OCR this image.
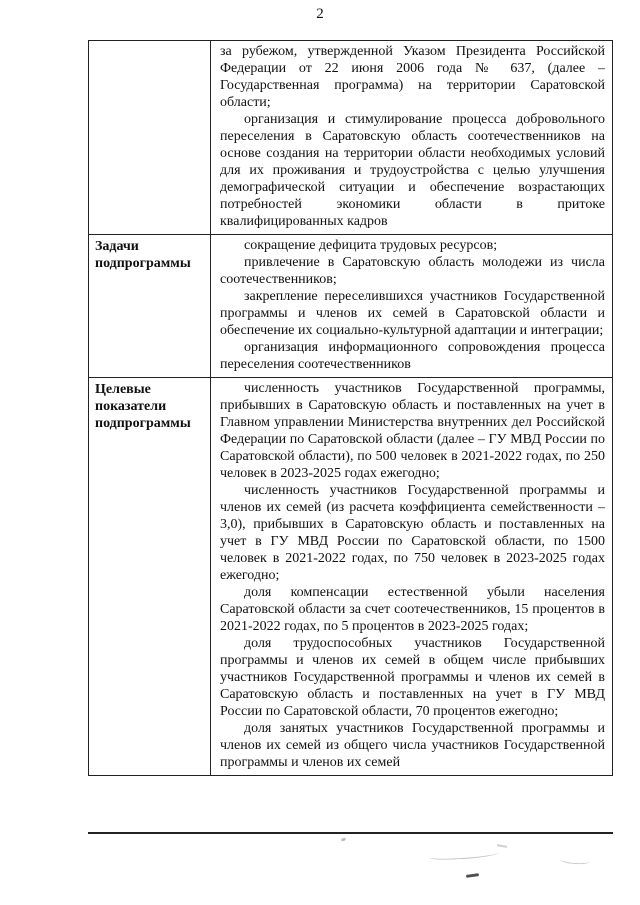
2

	за рубежом, утвержденной Указом Президента Российской Федерации от 22 июня 2006 года № 637, (далее – Государственная программа) на территории Саратовской области;

организация и стимулирование процесса добровольного переселения в Саратовскую область соотечественников на основе создания на территории области необходимых условий для их проживания и трудоустройства с целью улучшения демографической ситуации и обеспечение возрастающих потребностей экономики области в притоке квалифицированных кадров

Задачи подпрограммы	сокращение дефицита трудовых ресурсов;

привлечение в Саратовскую область молодежи из числа соотечественников;

закрепление переселившихся участников Государственной программы и членов их семей в Саратовской области и обеспечение их социально-культурной адаптации и интеграции;

организация информационного сопровождения процесса переселения соотечественников

Целевые показатели подпрограммы	численность участников Государственной программы, прибывших в Саратовскую область и поставленных на учет в Главном управлении Министерства внутренних дел Российской Федерации по Саратовской области (далее – ГУ МВД России по Саратовской области), по 500 человек в 2021-2022 годах, по 250 человек в 2023-2025 годах ежегодно;

численность участников Государственной программы и членов их семей (из расчета коэффициента семейственности – 3,0), прибывших в Саратовскую область и поставленных на учет в ГУ МВД России по Саратовской области, по 1500 человек в 2021-2022 годах, по 750 человек в 2023-2025 годах ежегодно;

доля компенсации естественной убыли населения Саратовской области за счет соотечественников, 15 процентов в 2021-2022 годах, по 5 процентов в 2023-2025 годах;

доля трудоспособных участников Государственной программы и членов их семей в общем числе прибывших участников Государственной программы и членов их семей в Саратовскую область и поставленных на учет в ГУ МВД России по Саратовской области, 70 процентов ежегодно;

доля занятых участников Государственной программы и членов их семей из общего числа участников Государственной программы и членов их семей
